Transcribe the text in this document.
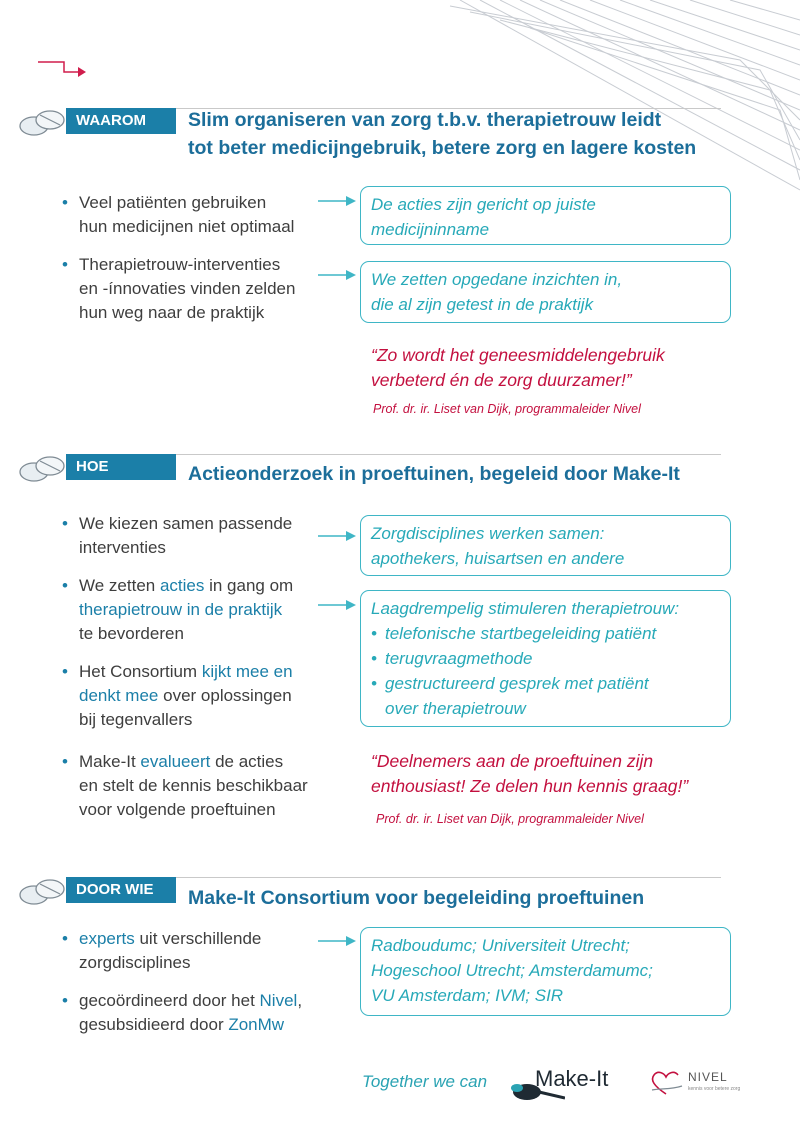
WAAROM	Slim organiseren van zorg t.b.v. therapietrouw leidt
tot beter medicijngebruik, betere zorg en lagere kosten
• Veel patiënten gebruiken
hun medicijnen niet optimaal
• Therapietrouw-interventies
en -ínnovaties vinden zelden
hun weg naar de praktijk
De acties zijn gericht op juiste
medicijninname
We zetten opgedane inzichten in,
die al zijn getest in de praktijk
“Zo wordt het geneesmiddelengebruik
verbeterd én de zorg duurzamer!”
Prof. dr. ir. Liset van Dijk, programmaleider Nivel
HOE	Actieonderzoek in proeftuinen, begeleid door Make-It
• We kiezen samen passende
interventies
• We zetten acties in gang om
therapietrouw in de praktijk
te bevorderen
• Het Consortium kijkt mee en
denkt mee over oplossingen
bij tegenvallers
• Make-It evalueert de acties
en stelt de kennis beschikbaar
voor volgende proeftuinen
Zorgdisciplines werken samen:
apothekers, huisartsen en andere
Laagdrempelig stimuleren therapietrouw:
• telefonische startbegeleiding patiënt
• terugvraagmethode
• gestructureerd gesprek met patiënt
over therapietrouw
“Deelnemers aan de proeftuinen zijn
enthousiast! Ze delen hun kennis graag!”
Prof. dr. ir. Liset van Dijk, programmaleider Nivel
DOOR WIE	Make-It Consortium voor begeleiding proeftuinen
• experts uit verschillende
zorgdisciplines
• gecoördineerd door het Nivel,
gesubsidieerd door ZonMw
Radboudumc; Universiteit Utrecht;
Hogeschool Utrecht; Amsterdamumc;
VU Amsterdam; IVM; SIR
Together we can Make-It	NIVEL
kennis voor betere zorg
